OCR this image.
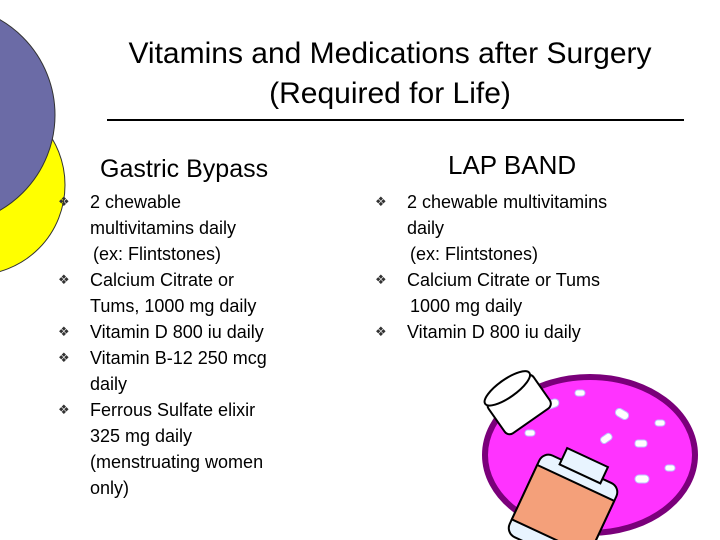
Vitamins and Medications after Surgery
(Required for Life)
Gastric Bypass	LAP BAND
❖ 2 chewable
multivitamins daily
(ex: Flintstones)
❖ Calcium Citrate or
Tums, 1000 mg daily
❖ Vitamin D 800 iu daily
❖ Vitamin B-12 250 mcg
daily
❖ Ferrous Sulfate elixir
325 mg daily
(menstruating women
only)
❖ 2 chewable multivitamins
daily
(ex: Flintstones)
❖ Calcium Citrate or Tums
1000 mg daily
❖ Vitamin D 800 iu daily
